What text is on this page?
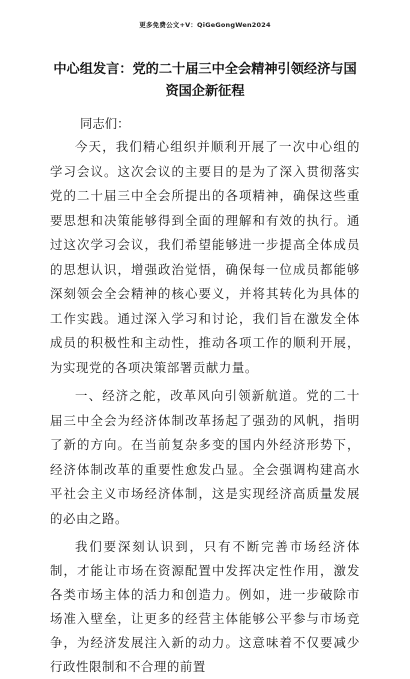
更多免费公文+V：QiGeGongWen2024
中心组发言：党的二十届三中全会精神引领经济与国资国企新征程
同志们：

今天，我们精心组织并顺利开展了一次中心组的学习会议。这次会议的主要目的是为了深入贯彻落实党的二十届三中全会所提出的各项精神，确保这些重要思想和决策能够得到全面的理解和有效的执行。通过这次学习会议，我们希望能够进一步提高全体成员的思想认识，增强政治觉悟，确保每一位成员都能够深刻领会全会精神的核心要义，并将其转化为具体的工作实践。通过深入学习和讨论，我们旨在激发全体成员的积极性和主动性，推动各项工作的顺利开展，为实现党的各项决策部署贡献力量。

一、经济之舵，改革风向引领新航道。党的二十届三中全会为经济体制改革扬起了强劲的风帆，指明了新的方向。在当前复杂多变的国内外经济形势下，经济体制改革的重要性愈发凸显。全会强调构建高水平社会主义市场经济体制，这是实现经济高质量发展的必由之路。

我们要深刻认识到，只有不断完善市场经济体制，才能让市场在资源配置中发挥决定性作用，激发各类市场主体的活力和创造力。例如，进一步破除市场准入壁垒，让更多的经营主体能够公平参与市场竞争，为经济发展注入新的动力。这意味着不仅要减少行政性限制和不合理的前置
